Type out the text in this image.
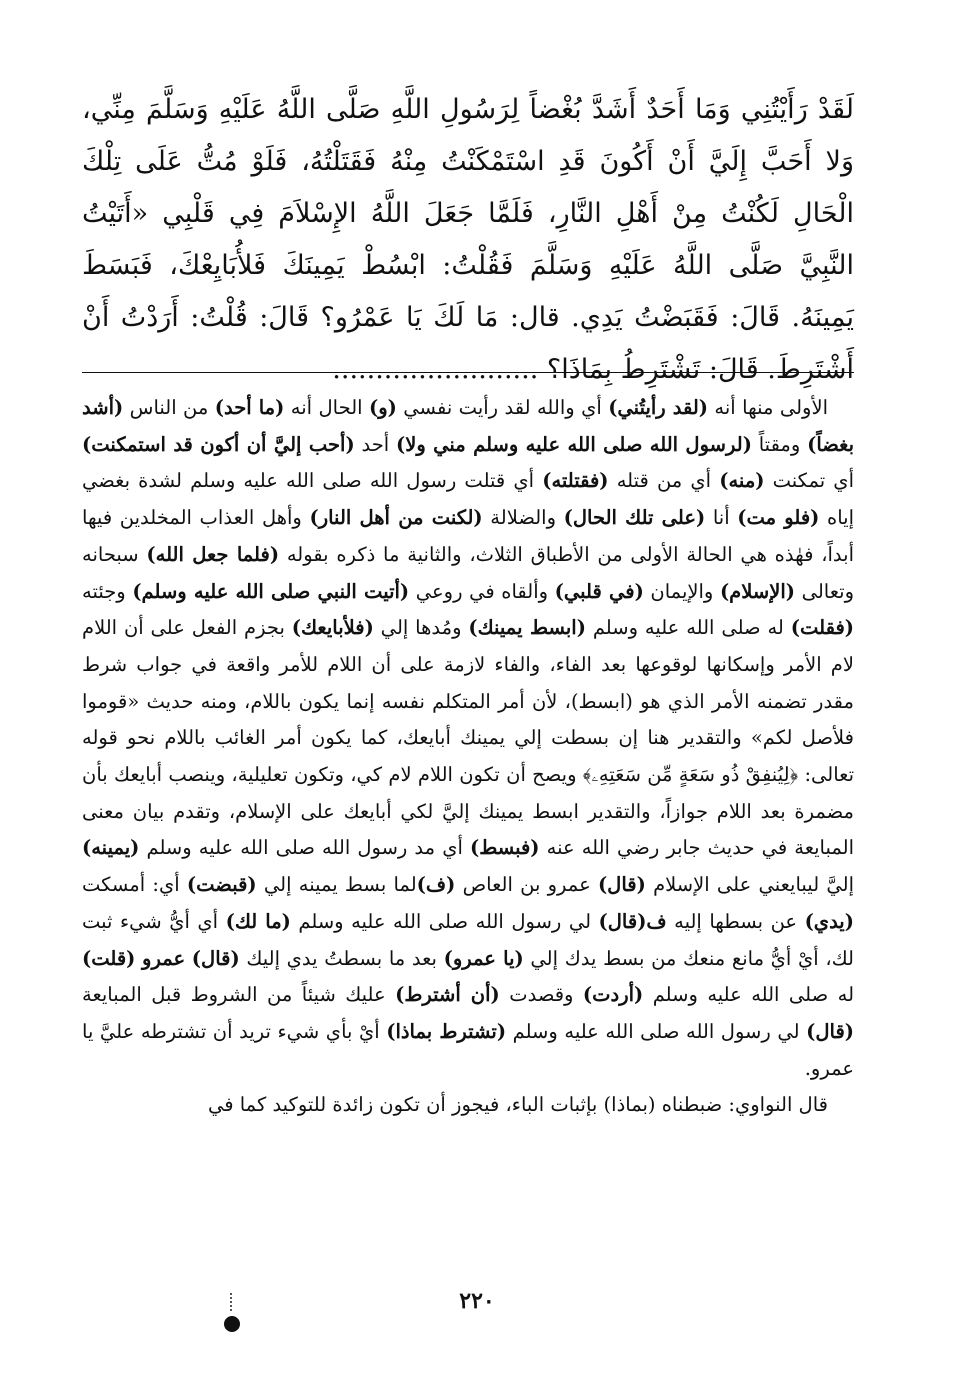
لَقَدْ رَأَيْتُنِي وَمَا أَحَدٌ أَشَدَّ بُغْضاً لِرَسُولِ اللَّهِ صَلَّى اللَّهُ عَلَيْهِ وَسَلَّمَ مِنِّي، وَلا أَحَبَّ إِلَيَّ أَنْ أَكُونَ قَدِ اسْتَمْكَنْتُ مِنْهُ فَقَتَلْتُهُ، فَلَوْ مُتُّ عَلَى تِلْكَ الْحَالِ لَكُنْتُ مِنْ أَهْلِ النَّارِ، فَلَمَّا جَعَلَ اللَّهُ الإِسْلاَمَ فِي قَلْبِي «أَتَيْتُ النَّبِيَّ صَلَّى اللَّهُ عَلَيْهِ وَسَلَّمَ فَقُلْتُ: ابْسُطْ يَمِينَكَ فَلأُبَايِعْكَ، فَبَسَطَ يَمِينَهُ. قَالَ: فَقَبَضْتُ يَدِي. قال: مَا لَكَ يَا عَمْرُو؟ قَالَ: قُلْتُ: أَرَدْتُ أَنْ أَشْتَرِطَ. قَالَ: تَشْتَرِطُ بِمَاذَا؟ ........................

الأولى منها أنه (لقد رأيتُني) أي والله لقد رأيت نفسي (و) الحال أنه (ما أحد) من الناس (أشد بغضاً) ومقتاً (لرسول الله صلى الله عليه وسلم مني ولا) أحد (أحب إليَّ أن أكون قد استمكنت) أي تمكنت (منه) أي من قتله (فقتلته) أي قتلت رسول الله صلى الله عليه وسلم لشدة بغضي إياه (فلو مت) أنا (على تلك الحال) والضلالة (لكنت من أهل النار) وأهل العذاب المخلدين فيها أبداً، فهٰذه هي الحالة الأولى من الأطباق الثلاث، والثانية ما ذكره بقوله (فلما جعل الله) سبحانه وتعالى (الإسلام) والإيمان (في قلبي) وألقاه في روعي (أتيت النبي صلى الله عليه وسلم) وجئته (فقلت) له صلى الله عليه وسلم (ابسط يمينك) ومُدها إلي (فلأبايعك) بجزم الفعل على أن اللام لام الأمر وإسكانها لوقوعها بعد الفاء، والفاء لازمة على أن اللام للأمر واقعة في جواب شرط مقدر تضمنه الأمر الذي هو (ابسط)، لأن أمر المتكلم نفسه إنما يكون باللام، ومنه حديث «قوموا فلأصل لكم» والتقدير هنا إن بسطت إلي يمينك أبايعك، كما يكون أمر الغائب باللام نحو قوله تعالى: ﴿لِيُنفِقْ ذُو سَعَةٍ مِّن سَعَتِهِۦ﴾ ويصح أن تكون اللام لام كي، وتكون تعليلية، وينصب أبايعك بأن مضمرة بعد اللام جوازاً، والتقدير ابسط يمينك إليَّ لكي أبايعك على الإسلام، وتقدم بيان معنى المبايعة في حديث جابر رضي الله عنه (فبسط) أي مد رسول الله صلى الله عليه وسلم (يمينه) إليَّ ليبايعني على الإسلام (قال) عمرو بن العاص (ف)لما بسط يمينه إلي (قبضت) أي: أمسكت (يدي) عن بسطها إليه ف(قال) لي رسول الله صلى الله عليه وسلم (ما لك) أي أيُّ شيء ثبت لك، أيْ أيُّ مانع منعك من بسط يدك إلي (يا عمرو) بعد ما بسطتُ يدي إليك (قال) عمرو (قلت) له صلى الله عليه وسلم (أردت) وقصدت (أن أشترط) عليك شيئاً من الشروط قبل المبايعة (قال) لي رسول الله صلى الله عليه وسلم (تشترط بماذا) أيْ بأي شيء تريد أن تشترطه عليَّ يا عمرو.

قال النواوي: ضبطناه (بماذا) بإثبات الباء، فيجوز أن تكون زائدة للتوكيد كما في

٢٢٠
